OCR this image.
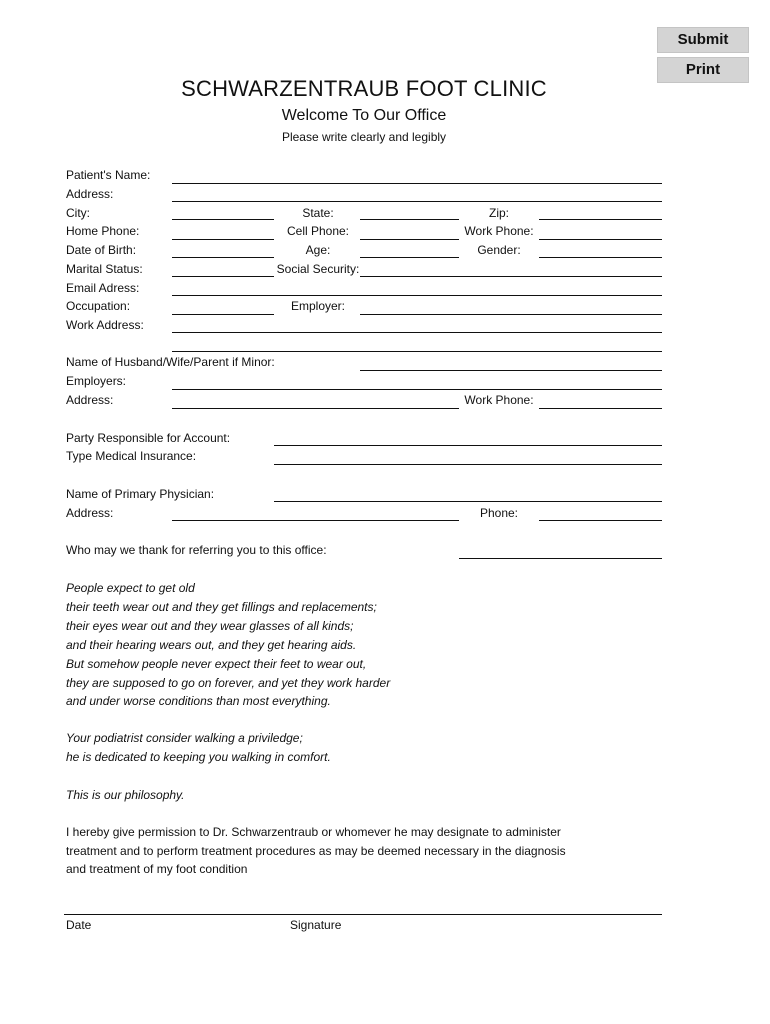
Submit
Print
SCHWARZENTRAUB FOOT CLINIC
Welcome To Our Office
Please write clearly and legibly
Patient's Name:
Address:
City:	State:	Zip:
Home Phone:	Cell Phone:	Work Phone:
Date of Birth:	Age:	Gender:
Marital Status:	Social Security:
Email Adress:
Occupation:	Employer:
Work Address:
Name of Husband/Wife/Parent if Minor:
Employers:
Address:	Work Phone:
Party Responsible for Account:
Type Medical Insurance:
Name of Primary Physician:
Address:	Phone:
Who may we thank for referring you to this office:
People expect to get old
their teeth wear out and they get fillings and replacements;
their eyes wear out and they wear glasses of all kinds;
and their hearing wears out, and they get hearing aids.
But somehow people never expect their feet to wear out,
they are supposed to go on forever, and yet they work harder
and under worse conditions than most everything.
Your podiatrist consider walking a priviledge;
he is dedicated to keeping you walking in comfort.
This is our philosophy.
I hereby give permission to Dr. Schwarzentraub or whomever he may designate to administer
treatment and to perform treatment procedures as may be deemed necessary in the diagnosis
and treatment of my foot condition
Date	Signature
